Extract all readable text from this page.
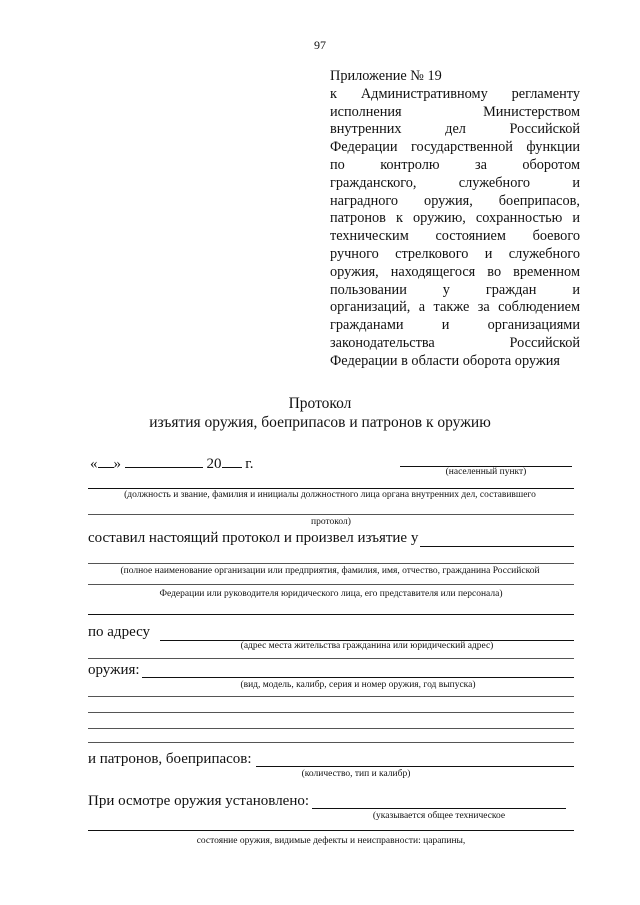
97
Приложение № 19
к Административному регламенту
исполнения Министерством
внутренних дел Российской
Федерации государственной функции
по контролю за оборотом
гражданского, служебного и
наградного оружия, боеприпасов,
патронов к оружию, сохранностью и
техническим состоянием боевого
ручного стрелкового и служебного
оружия, находящегося во временном
пользовании у граждан и
организаций, а также за соблюдением
гражданами и организациями
законодательства Российской
Федерации в области оборота оружия
Протокол
изъятия оружия, боеприпасов и патронов к оружию
« »	20 г.	(населенный пункт)
(должность и звание, фамилия и инициалы должностного лица органа внутренних дел, составившего
протокол)
составил настоящий протокол и произвел изъятие у
(полное наименование организации или предприятия, фамилия, имя, отчество, гражданина Российской
Федерации или руководителя юридического лица, его представителя или персонала)
по адресу
(адрес места жительства гражданина или юридический адрес)
оружия:
(вид, модель, калибр, серия и номер оружия, год выпуска)
и патронов, боеприпасов:
(количество, тип и калибр)
При осмотре оружия установлено:
(указывается общее техническое
состояние оружия, видимые дефекты и неисправности: царапины,
